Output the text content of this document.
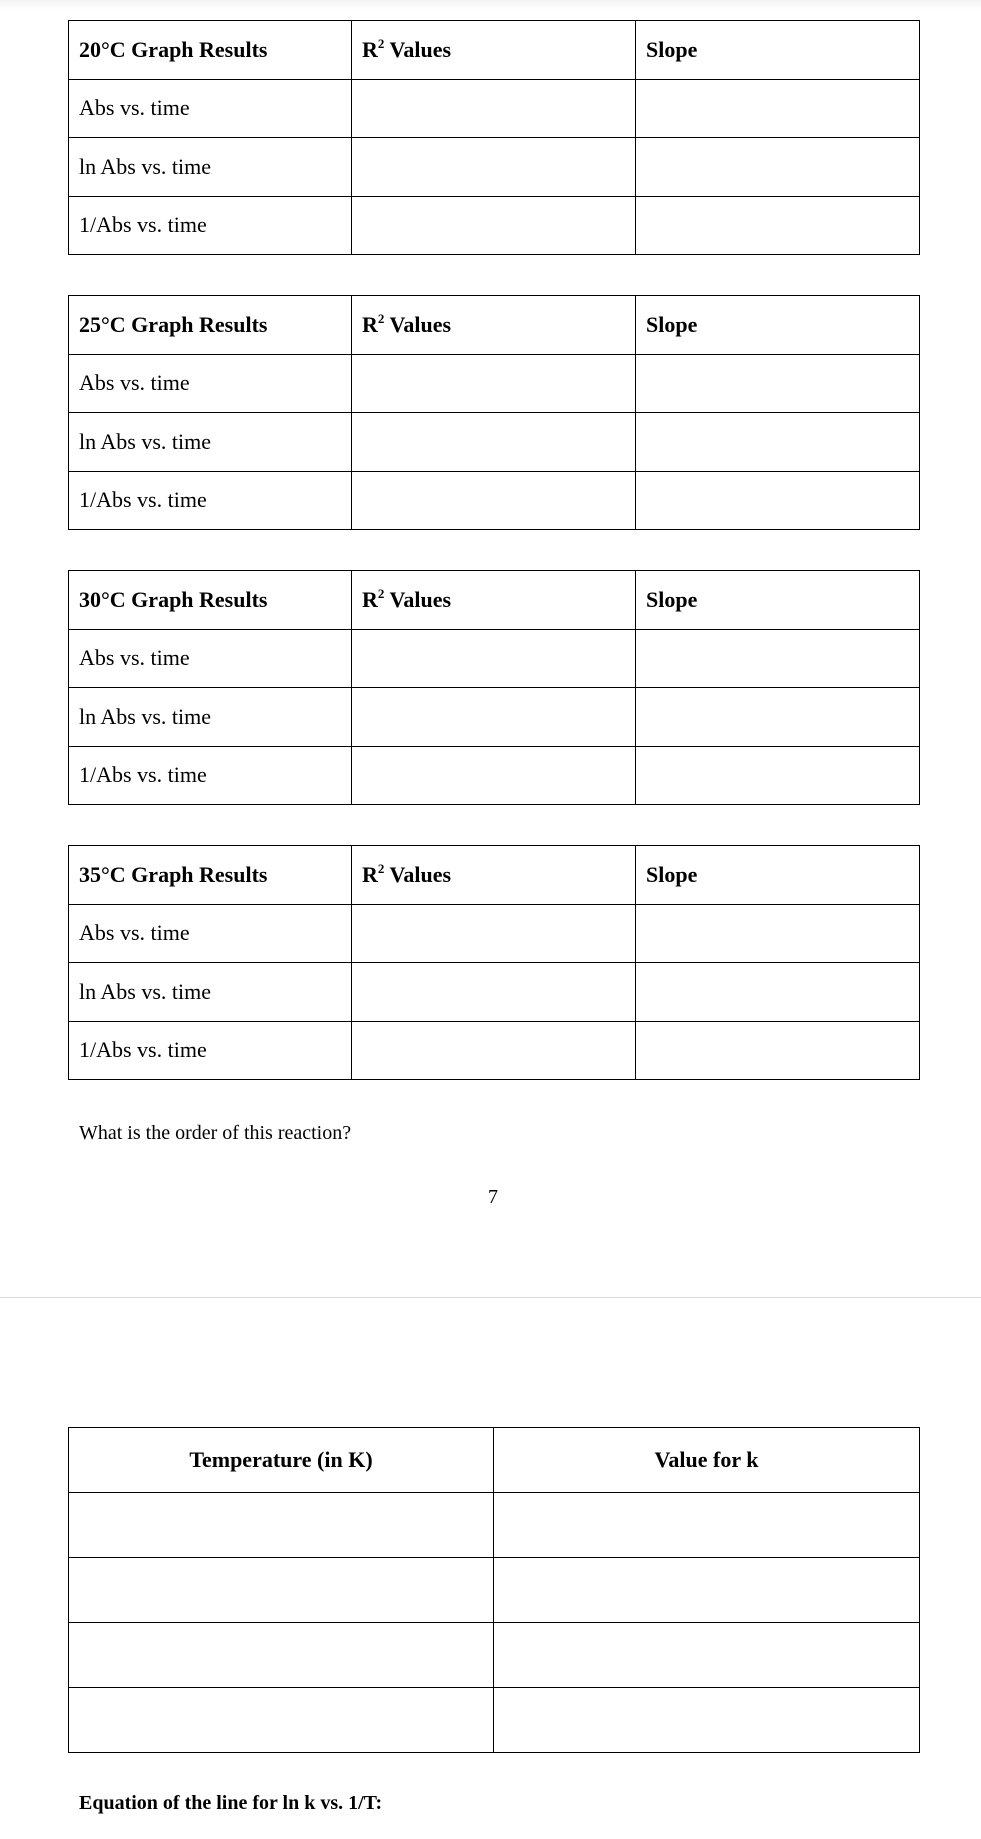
20°C Graph Results	$R^2$ Values	Slope
Abs vs. time		
ln Abs vs. time		
1/Abs vs. time		
25°C Graph Results	$R^2$ Values	Slope
Abs vs. time		
ln Abs vs. time		
1/Abs vs. time		
30°C Graph Results	$R^2$ Values	Slope
Abs vs. time		
ln Abs vs. time		
1/Abs vs. time		
35°C Graph Results	$R^2$ Values	Slope
Abs vs. time		
ln Abs vs. time		
1/Abs vs. time		
What is the order of this reaction?
7
Temperature (in K)	Value for k

Equation of the line for ln k vs. 1/T:
